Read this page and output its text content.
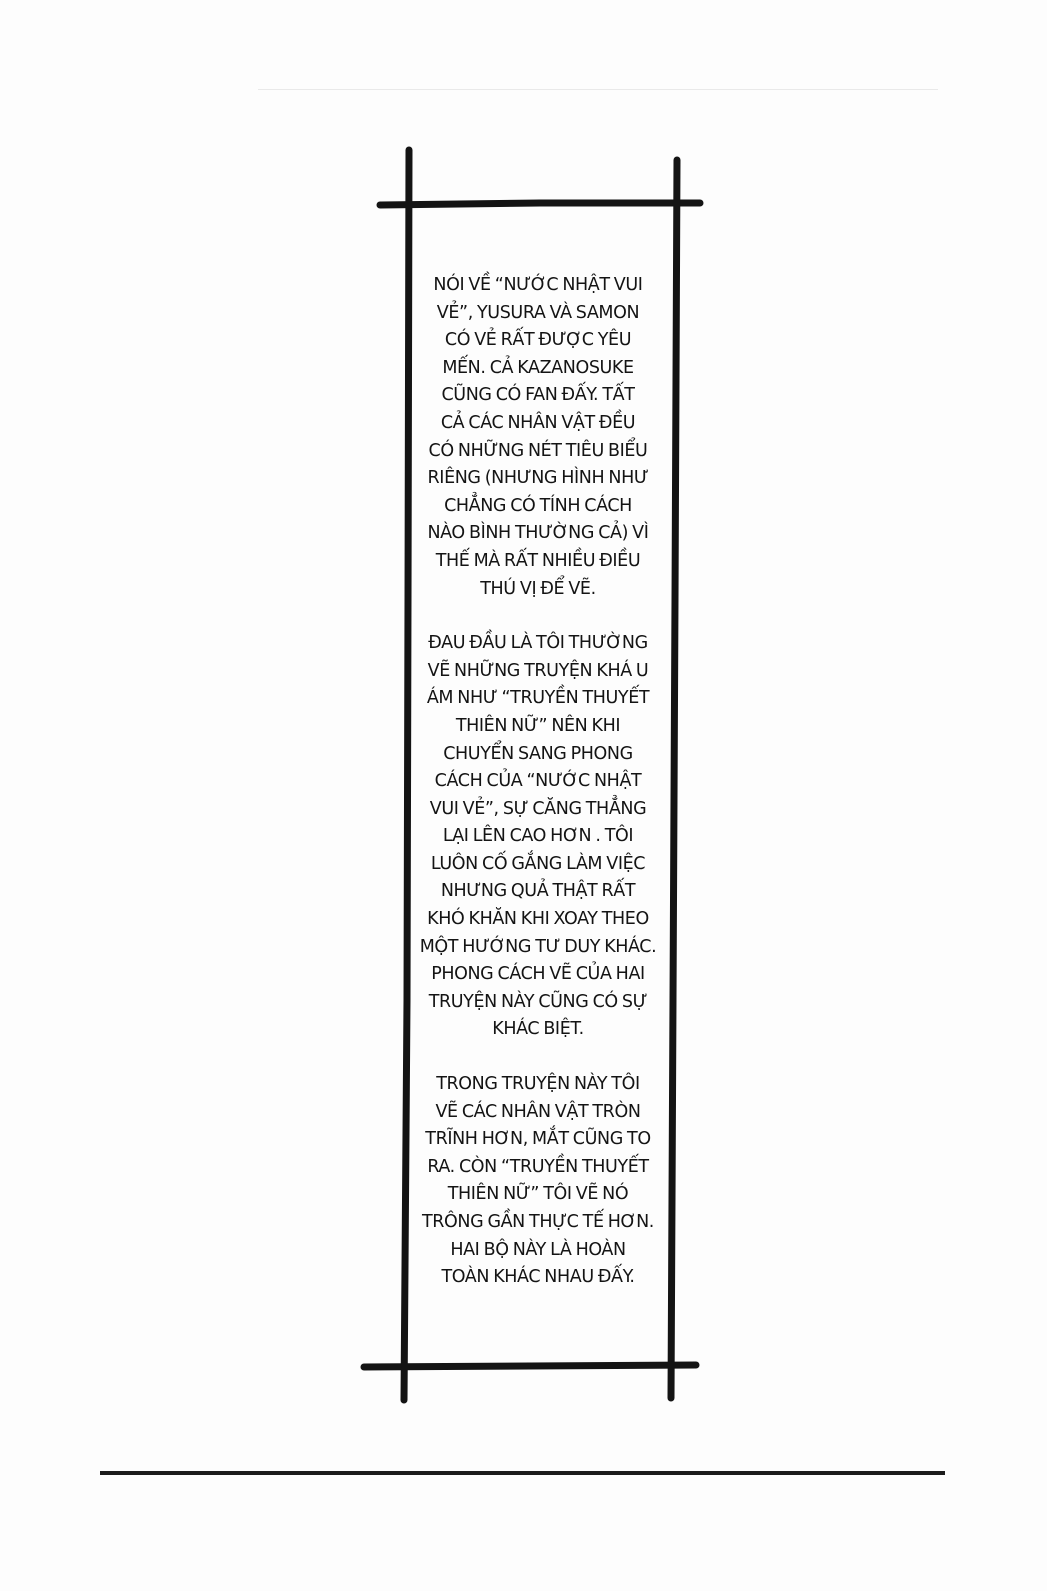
NÓI VỀ “NƯỚC NHẬT VUI
VẺ”, YUSURA VÀ SAMON
CÓ VẺ RẤT ĐƯỢC YÊU
MẾN. CẢ KAZANOSUKE
CŨNG CÓ FAN ĐẤY. TẤT
CẢ CÁC NHÂN VẬT ĐỀU
CÓ NHỮNG NÉT TIÊU BIỂU
RIÊNG (NHƯNG HÌNH NHƯ
CHẲNG CÓ TÍNH CÁCH
NÀO BÌNH THƯỜNG CẢ) VÌ
THẾ MÀ RẤT NHIỀU ĐIỀU
THÚ VỊ ĐỂ VẼ.

ĐAU ĐẦU LÀ TÔI THƯỜNG
VẼ NHỮNG TRUYỆN KHÁ U
ÁM NHƯ “TRUYỀN THUYẾT
THIÊN NỮ” NÊN KHI
CHUYỂN SANG PHONG
CÁCH CỦA “NƯỚC NHẬT
VUI VẺ”, SỰ CĂNG THẲNG
LẠI LÊN CAO HƠN . TÔI
LUÔN CỐ GẮNG LÀM VIỆC
NHƯNG QUẢ THẬT RẤT
KHÓ KHĂN KHI XOAY THEO
MỘT HƯỚNG TƯ DUY KHÁC.
PHONG CÁCH VẼ CỦA HAI
TRUYỆN NÀY CŨNG CÓ SỰ
KHÁC BIỆT.

TRONG TRUYỆN NÀY TÔI
VẼ CÁC NHÂN VẬT TRÒN
TRĨNH HƠN, MẮT CŨNG TO
RA. CÒN “TRUYỀN THUYẾT
THIÊN NỮ” TÔI VẼ NÓ
TRÔNG GẦN THỰC TẾ HƠN.
HAI BỘ NÀY LÀ HOÀN
TOÀN KHÁC NHAU ĐẤY.
